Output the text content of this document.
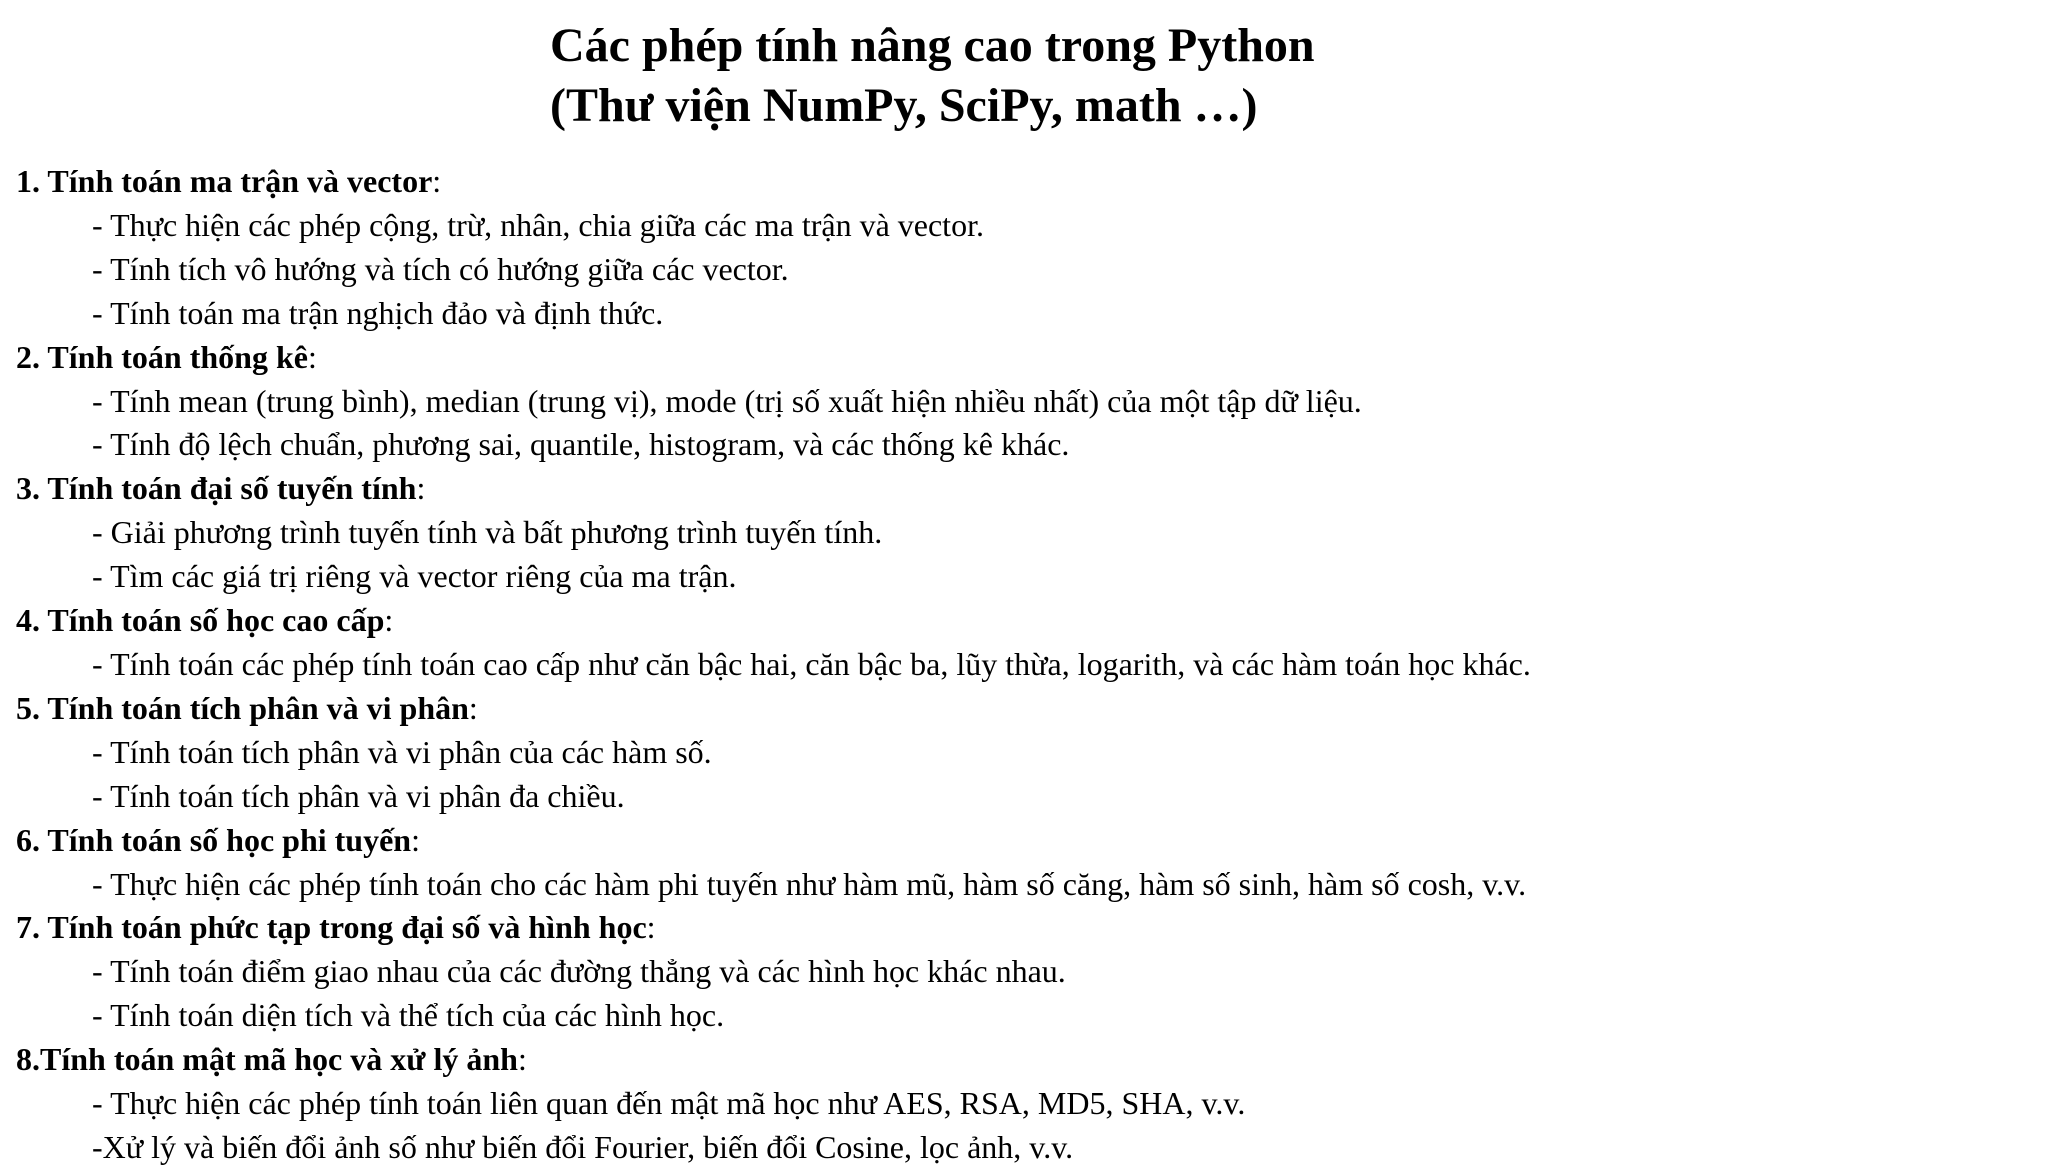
Các phép tính nâng cao trong Python
(Thư viện NumPy, SciPy, math …)
1. Tính toán ma trận và vector:
- Thực hiện các phép cộng, trừ, nhân, chia giữa các ma trận và vector.
- Tính tích vô hướng và tích có hướng giữa các vector.
- Tính toán ma trận nghịch đảo và định thức.
2. Tính toán thống kê:
- Tính mean (trung bình), median (trung vị), mode (trị số xuất hiện nhiều nhất) của một tập dữ liệu.
- Tính độ lệch chuẩn, phương sai, quantile, histogram, và các thống kê khác.
3. Tính toán đại số tuyến tính:
- Giải phương trình tuyến tính và bất phương trình tuyến tính.
- Tìm các giá trị riêng và vector riêng của ma trận.
4. Tính toán số học cao cấp:
- Tính toán các phép tính toán cao cấp như căn bậc hai, căn bậc ba, lũy thừa, logarith, và các hàm toán học khác.
5. Tính toán tích phân và vi phân:
- Tính toán tích phân và vi phân của các hàm số.
- Tính toán tích phân và vi phân đa chiều.
6. Tính toán số học phi tuyến:
- Thực hiện các phép tính toán cho các hàm phi tuyến như hàm mũ, hàm số căng, hàm số sinh, hàm số cosh, v.v.
7. Tính toán phức tạp trong đại số và hình học:
- Tính toán điểm giao nhau của các đường thẳng và các hình học khác nhau.
- Tính toán diện tích và thể tích của các hình học.
8.Tính toán mật mã học và xử lý ảnh:
- Thực hiện các phép tính toán liên quan đến mật mã học như AES, RSA, MD5, SHA, v.v.
-Xử lý và biến đổi ảnh số như biến đổi Fourier, biến đổi Cosine, lọc ảnh, v.v.
